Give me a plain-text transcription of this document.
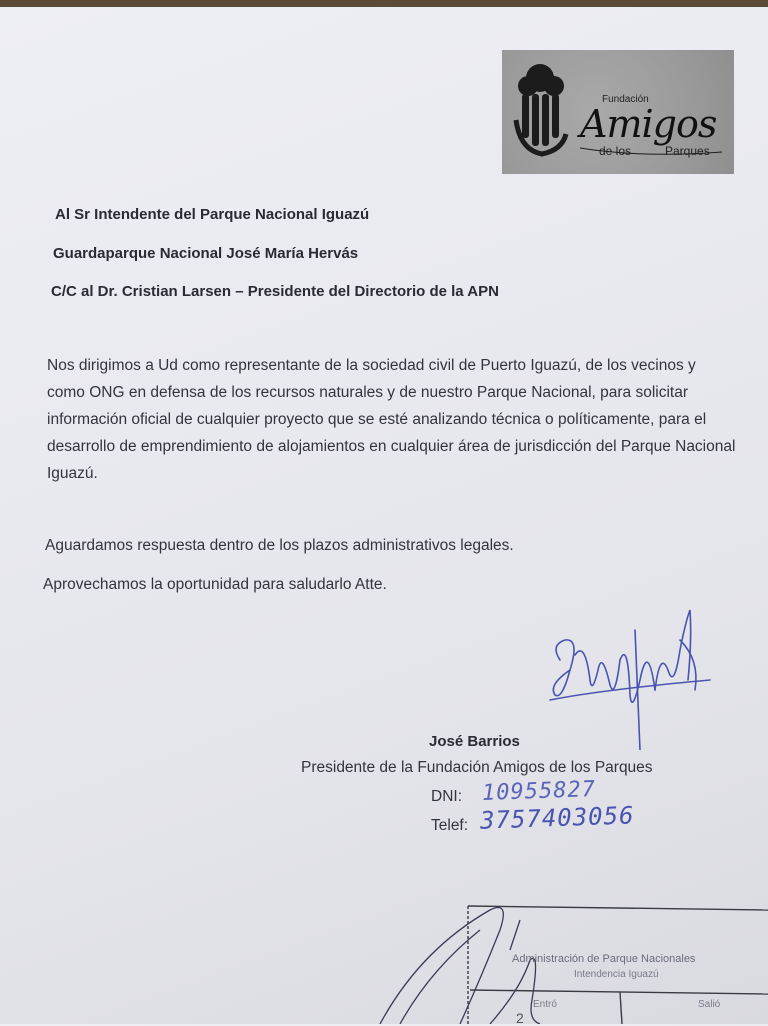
Fundación
Amigos
de los	Parques
Al Sr Intendente del Parque Nacional Iguazú
Guardaparque Nacional José María Hervás
C/C al Dr. Cristian Larsen – Presidente del Directorio de la APN
Nos dirigimos a Ud como representante de la sociedad civil de Puerto Iguazú, de los vecinos y como ONG en defensa de los recursos naturales y de nuestro Parque Nacional, para solicitar información oficial de cualquier proyecto que se esté analizando técnica o políticamente, para el desarrollo de emprendimiento de alojamientos en cualquier área de jurisdicción del Parque Nacional Iguazú.
Aguardamos respuesta dentro de los plazos administrativos legales.
Aprovechamos la oportunidad para saludarlo Atte.
José Barrios
Presidente de la Fundación Amigos de los Parques
DNI: 10955827
Telef: 3757403056
Administración de Parque Nacionales
Intendencia Iguazú
Entró	Salió
2
